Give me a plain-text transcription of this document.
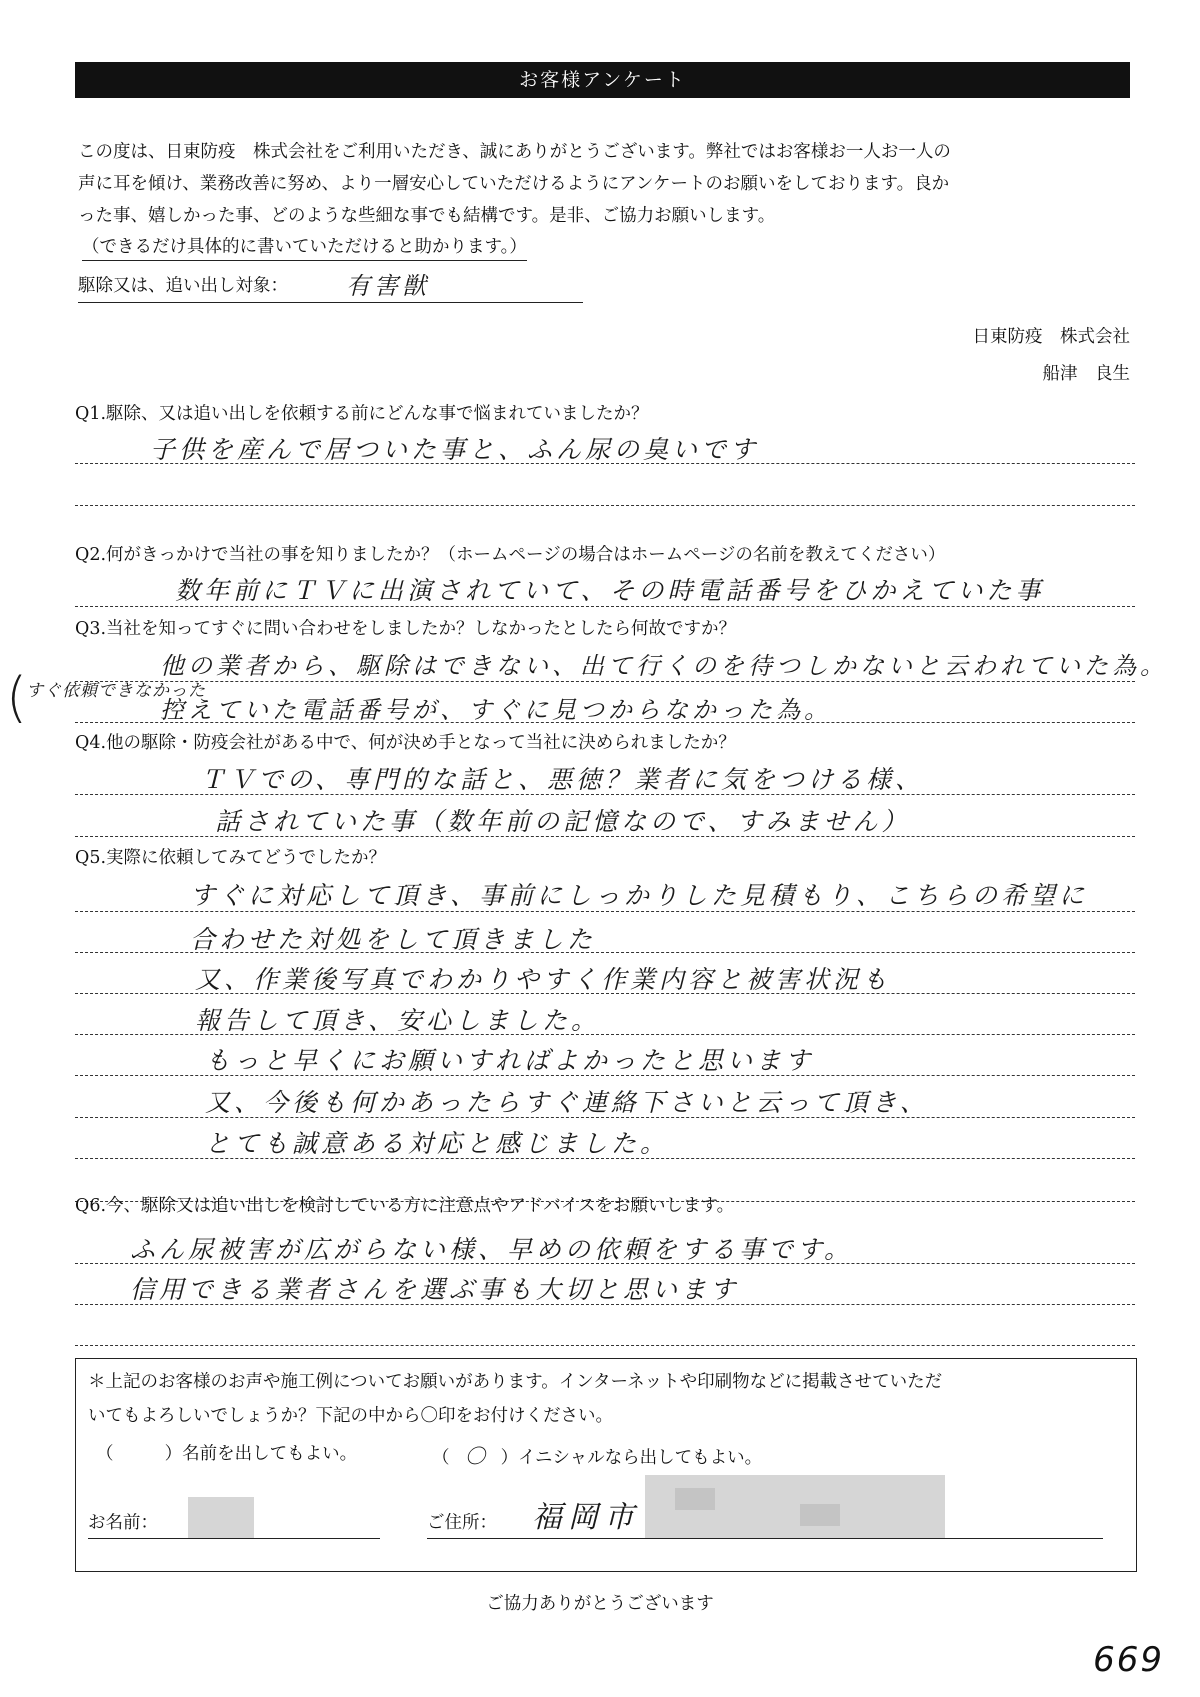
お客様アンケート
この度は、日東防疫　株式会社をご利用いただき、誠にありがとうございます。弊社ではお客様お一人お一人の
声に耳を傾け、業務改善に努め、より一層安心していただけるようにアンケートのお願いをしております。良か
った事、嬉しかった事、どのような些細な事でも結構です。是非、ご協力お願いします。
（できるだけ具体的に書いていただけると助かります。）
駆除又は、追い出し対象： 有害獣
日東防疫　株式会社
船津　良生
Q1.駆除、又は追い出しを依頼する前にどんな事で悩まれていましたか？
子供を産んで居ついた事と、ふん尿の臭いです
Q2.何がきっかけで当社の事を知りましたか？（ホームページの場合はホームページの名前を教えてください）
数年前にＴＶに出演されていて、その時電話番号をひかえていた事
Q3.当社を知ってすぐに問い合わせをしましたか？しなかったとしたら何故ですか？
他の業者から、駆除はできない、出て行くのを待つしかないと云われていた為。
控えていた電話番号が、すぐに見つからなかった為。
(
すぐ依頼できなかった
Q4.他の駆除・防疫会社がある中で、何が決め手となって当社に決められましたか？
ＴＶでの、専門的な話と、悪徳？業者に気をつける様、
話されていた事（数年前の記憶なので、すみません）
Q5.実際に依頼してみてどうでしたか？
すぐに対応して頂き、事前にしっかりした見積もり、こちらの希望に
合わせた対処をして頂きました
又、作業後写真でわかりやすく作業内容と被害状況も
報告して頂き、安心しました。
もっと早くにお願いすればよかったと思います
又、今後も何かあったらすぐ連絡下さいと云って頂き、
とても誠意ある対応と感じました。
Q6.今、駆除又は追い出しを検討している方に注意点やアドバイスをお願いします。
ふん尿被害が広がらない様、早めの依頼をする事です。
信用できる業者さんを選ぶ事も大切と思います
＊上記のお客様のお声や施工例についてお願いがあります。インターネットや印刷物などに掲載させていただ
いてもよろしいでしょうか？下記の中から〇印をお付けください。
（	）名前を出してもよい。	（ 〇 ）イニシャルなら出してもよい。
お名前：	ご住所： 福岡市
ご協力ありがとうございます
669
